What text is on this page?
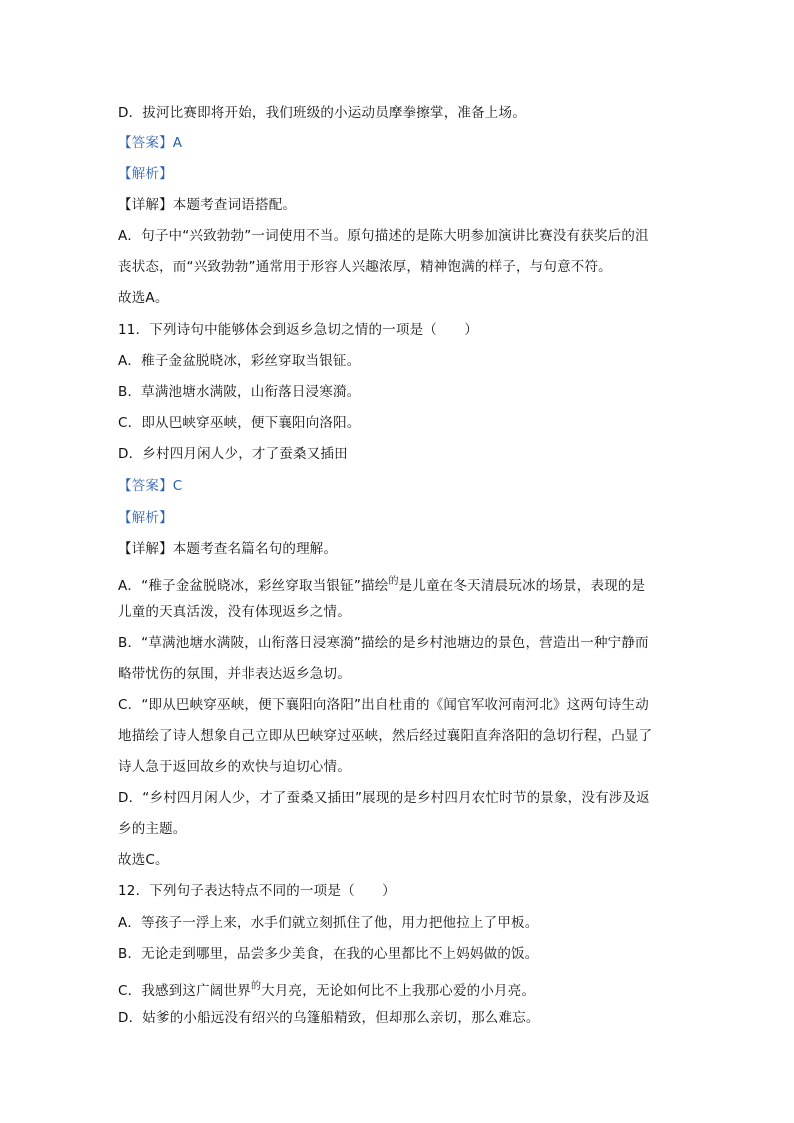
D．拔河比赛即将开始，我们班级的小运动员摩拳擦掌，准备上场。
【答案】A
【解析】
【详解】本题考查词语搭配。
A．句子中“兴致勃勃”一词使用不当。原句描述的是陈大明参加演讲比赛没有获奖后的沮
丧状态，而“兴致勃勃”通常用于形容人兴趣浓厚，精神饱满的样子，与句意不符。
故选A。
11．下列诗句中能够体会到返乡急切之情的一项是（　　）
A．稚子金盆脱晓冰，彩丝穿取当银钲。
B．草满池塘水满陂，山衔落日浸寒漪。
C．即从巴峡穿巫峡，便下襄阳向洛阳。
D．乡村四月闲人少，才了蚕桑又插田
【答案】C
【解析】
【详解】本题考查名篇名句的理解。
A．“稚子金盆脱晓冰，彩丝穿取当银钲”描绘$^的$是儿童在冬天清晨玩冰的场景，表现的是
儿童的天真活泼，没有体现返乡之情。
B．“草满池塘水满陂，山衔落日浸寒漪”描绘的是乡村池塘边的景色，营造出一种宁静而
略带忧伤的氛围，并非表达返乡急切。
C．“即从巴峡穿巫峡，便下襄阳向洛阳”出自杜甫的《闻官军收河南河北》这两句诗生动
地描绘了诗人想象自己立即从巴峡穿过巫峡，然后经过襄阳直奔洛阳的急切行程，凸显了
诗人急于返回故乡的欢快与迫切心情。
D．“乡村四月闲人少，才了蚕桑又插田”展现的是乡村四月农忙时节的景象，没有涉及返
乡的主题。
故选C。
12．下列句子表达特点不同的一项是（　　）
A．等孩子一浮上来，水手们就立刻抓住了他，用力把他拉上了甲板。
B．无论走到哪里，品尝多少美食，在我的心里都比不上妈妈做的饭。
C．我感到这广阔世界$^的$大月亮，无论如何比不上我那心爱的小月亮。
D．姑爹的小船远没有绍兴的乌篷船精致，但却那么亲切，那么难忘。
